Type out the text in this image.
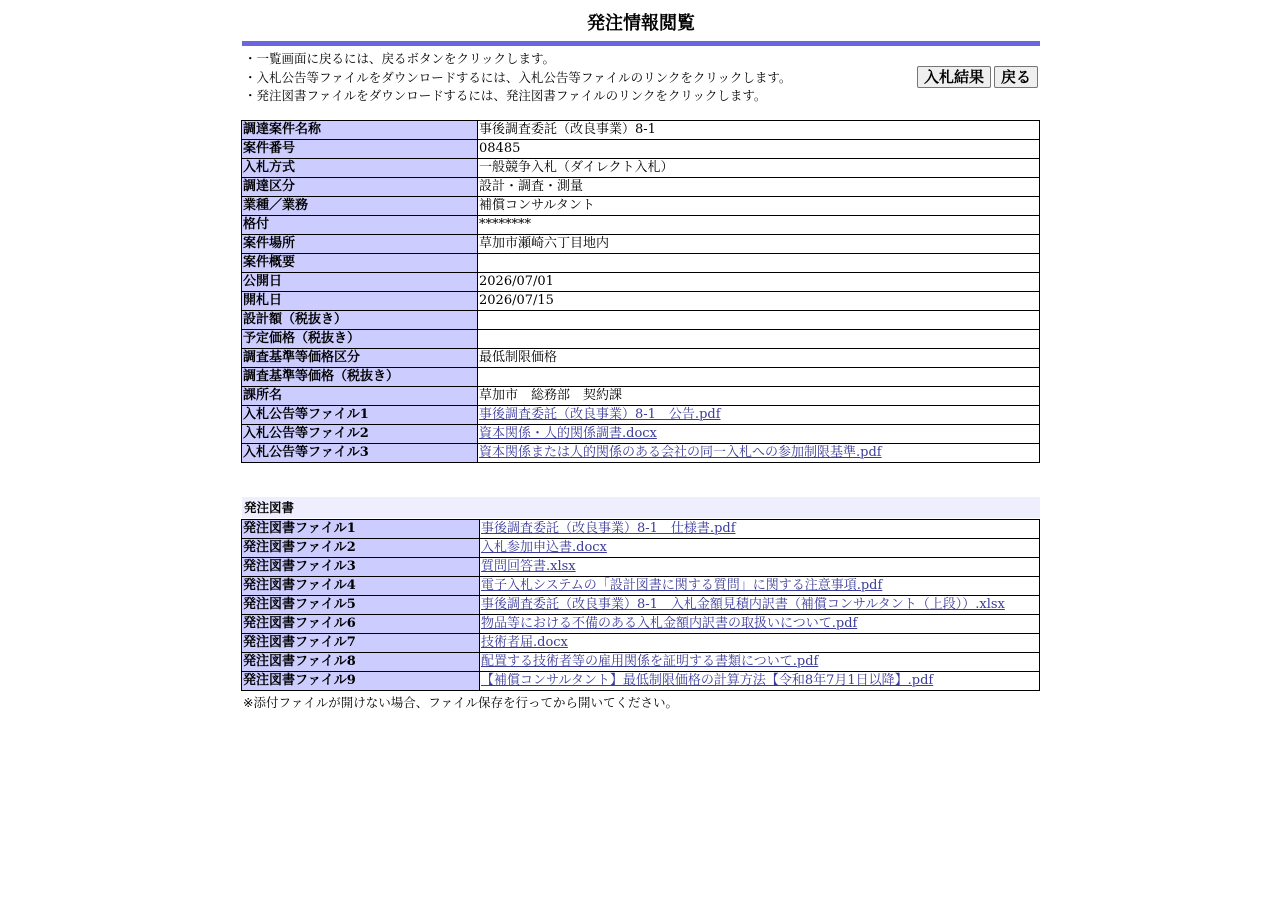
発注情報閲覧
・一覧画面に戻るには、戻るボタンをクリックします。
・入札公告等ファイルをダウンロードするには、入札公告等ファイルのリンクをクリックします。
・発注図書ファイルをダウンロードするには、発注図書ファイルのリンクをクリックします。
入札結果	戻る
調達案件名称	事後調査委託（改良事業）8-1
案件番号	08485
入札方式	一般競争入札（ダイレクト入札）
調達区分	設計・調査・測量
業種／業務	補償コンサルタント
格付	********
案件場所	草加市瀬崎六丁目地内
案件概要	
公開日	2026/07/01
開札日	2026/07/15
設計額（税抜き）	
予定価格（税抜き）	
調査基準等価格区分	最低制限価格
調査基準等価格（税抜き）	
課所名	草加市　総務部　契約課
入札公告等ファイル1	事後調査委託（改良事業）8-1　公告.pdf
入札公告等ファイル2	資本関係・人的関係調書.docx
入札公告等ファイル3	資本関係または人的関係のある会社の同一入札への参加制限基準.pdf
発注図書
発注図書ファイル1	事後調査委託（改良事業）8-1　仕様書.pdf
発注図書ファイル2	入札参加申込書.docx
発注図書ファイル3	質問回答書.xlsx
発注図書ファイル4	電子入札システムの「設計図書に関する質問」に関する注意事項.pdf
発注図書ファイル5	事後調査委託（改良事業）8-1　入札金額見積内訳書（補償コンサルタント（上段））.xlsx
発注図書ファイル6	物品等における不備のある入札金額内訳書の取扱いについて.pdf
発注図書ファイル7	技術者届.docx
発注図書ファイル8	配置する技術者等の雇用関係を証明する書類について.pdf
発注図書ファイル9	【補償コンサルタント】最低制限価格の計算方法【令和8年7月1日以降】.pdf
※添付ファイルが開けない場合、ファイル保存を行ってから開いてください。
